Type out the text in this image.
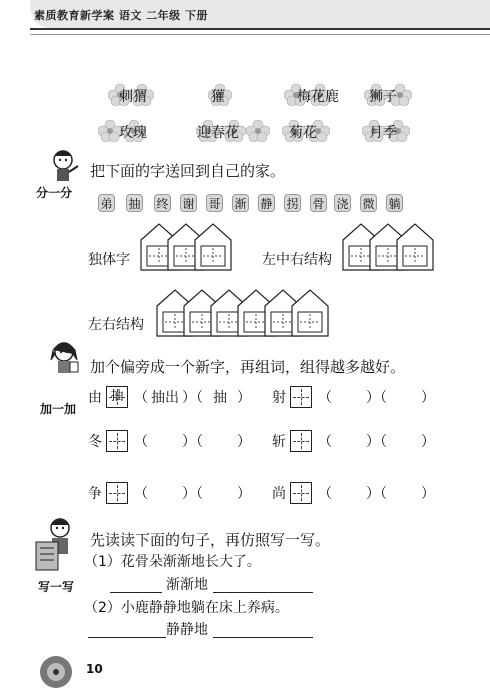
素质教育新学案 语文 二年级 下册
刺猬	獾	梅花鹿	狮子
玫瑰	迎春花	菊花	月季
分一分
把下面的字送回到自己的家。
弟 抽 终 谢 哥 渐 静 拐 骨 浇 微 躺
独体字	左中右结构
左右结构
加一加
加个偏旁成一个新字，再组词，组得越多越好。
由 抽 （ 抽出 ）（ 抽 ） 射 （ ）（ ）
冬 （ ）（ ） 斩 （ ）（ ）
争 （ ）（ ） 尚 （ ）（ ）
写一写
先读读下面的句子，再仿照写一写。
（1）花骨朵渐渐地长大了。
渐渐地
（2）小鹿静静地躺在床上养病。
静静地
10
